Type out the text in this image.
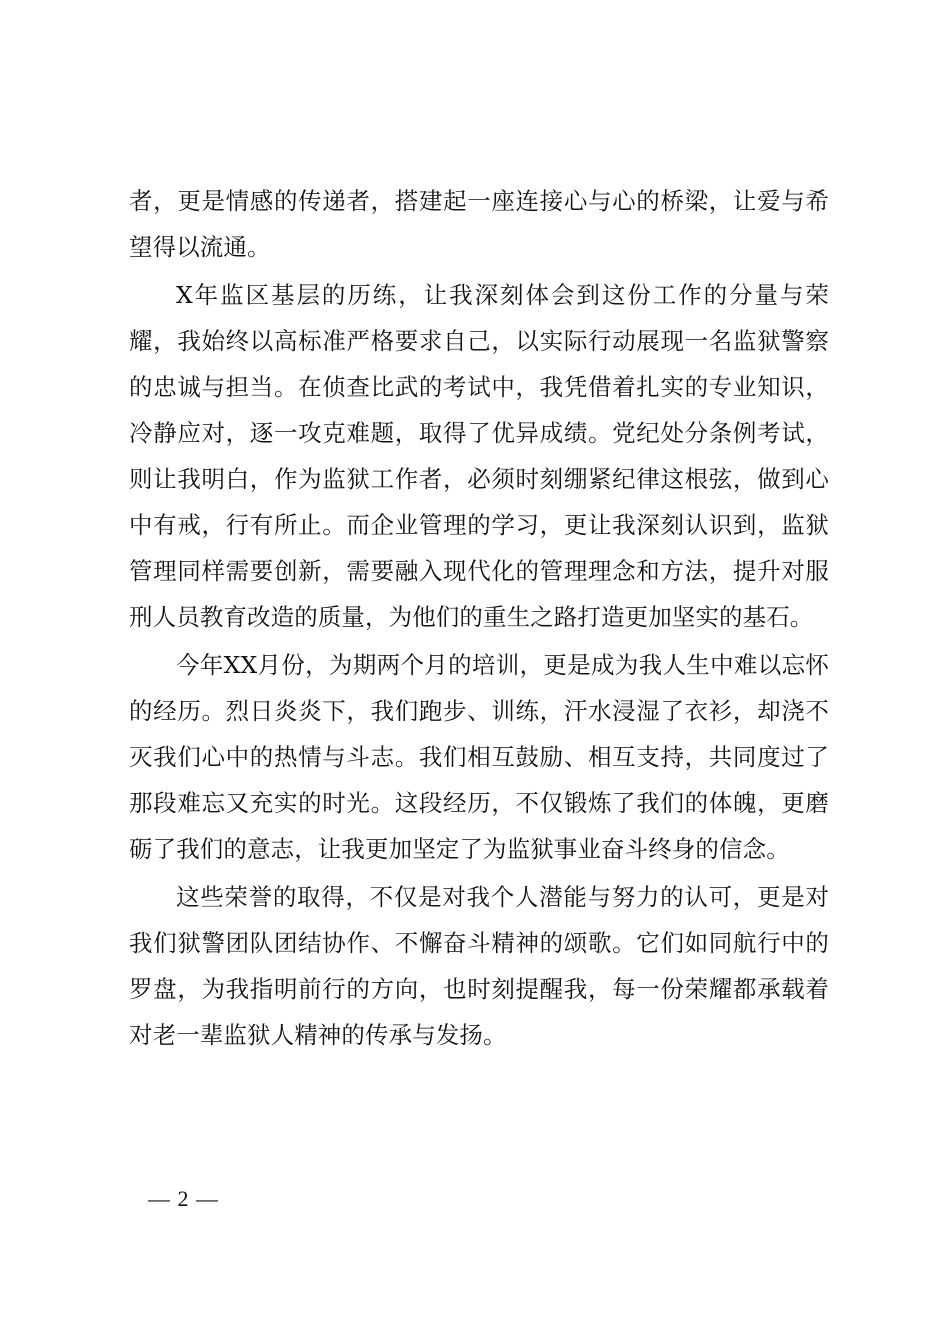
者，更是情感的传递者，搭建起一座连接心与心的桥梁，让爱与希望得以流通。

X年监区基层的历练，让我深刻体会到这份工作的分量与荣耀，我始终以高标准严格要求自己，以实际行动展现一名监狱警察的忠诚与担当。在侦查比武的考试中，我凭借着扎实的专业知识，冷静应对，逐一攻克难题，取得了优异成绩。党纪处分条例考试，则让我明白，作为监狱工作者，必须时刻绷紧纪律这根弦，做到心中有戒，行有所止。而企业管理的学习，更让我深刻认识到，监狱管理同样需要创新，需要融入现代化的管理理念和方法，提升对服刑人员教育改造的质量，为他们的重生之路打造更加坚实的基石。

今年XX月份，为期两个月的培训，更是成为我人生中难以忘怀的经历。烈日炎炎下，我们跑步、训练，汗水浸湿了衣衫，却浇不灭我们心中的热情与斗志。我们相互鼓励、相互支持，共同度过了那段难忘又充实的时光。这段经历，不仅锻炼了我们的体魄，更磨砺了我们的意志，让我更加坚定了为监狱事业奋斗终身的信念。

这些荣誉的取得，不仅是对我个人潜能与努力的认可，更是对我们狱警团队团结协作、不懈奋斗精神的颂歌。它们如同航行中的罗盘，为我指明前行的方向，也时刻提醒我，每一份荣耀都承载着对老一辈监狱人精神的传承与发扬。

— 2 —
